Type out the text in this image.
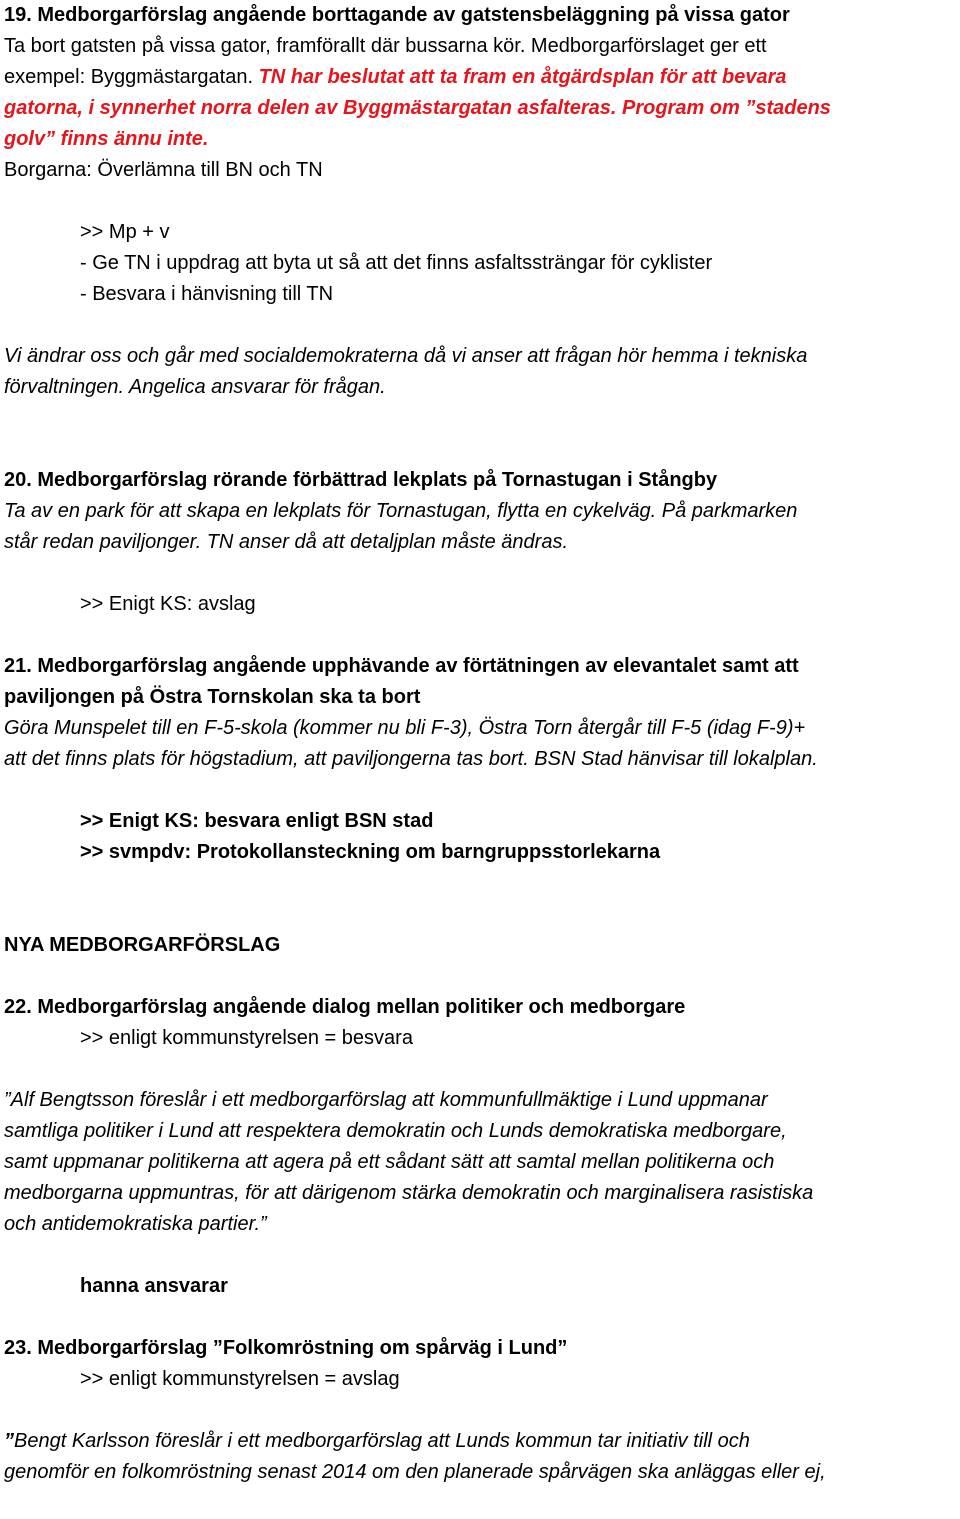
19. Medborgarförslag angående borttagande av gatstensbeläggning på vissa gator
Ta bort gatsten på vissa gator, framförallt där bussarna kör. Medborgarförslaget ger ett
exempel: Byggmästargatan. TN har beslutat att ta fram en åtgärdsplan för att bevara
gatorna, i synnerhet norra delen av Byggmästargatan asfalteras. Program om ”stadens
golv” finns ännu inte.
Borgarna: Överlämna till BN och TN
>> Mp + v
- Ge TN i uppdrag att byta ut så att det finns asfaltssträngar för cyklister
- Besvara i hänvisning till TN
Vi ändrar oss och går med socialdemokraterna då vi anser att frågan hör hemma i tekniska
förvaltningen. Angelica ansvarar för frågan.
20. Medborgarförslag rörande förbättrad lekplats på Tornastugan i Stångby
Ta av en park för att skapa en lekplats för Tornastugan, flytta en cykelväg. På parkmarken
står redan paviljonger. TN anser då att detaljplan måste ändras.
>> Enigt KS: avslag
21. Medborgarförslag angående upphävande av förtätningen av elevantalet samt att
paviljongen på Östra Tornskolan ska ta bort
Göra Munspelet till en F-5-skola (kommer nu bli F-3), Östra Torn återgår till F-5 (idag F-9)+
att det finns plats för högstadium, att paviljongerna tas bort. BSN Stad hänvisar till lokalplan.
>> Enigt KS: besvara enligt BSN stad
>> svmpdv: Protokollansteckning om barngruppsstorlekarna
NYA MEDBORGARFÖRSLAG
22. Medborgarförslag angående dialog mellan politiker och medborgare
>> enligt kommunstyrelsen = besvara
”Alf Bengtsson föreslår i ett medborgarförslag att kommunfullmäktige i Lund uppmanar
samtliga politiker i Lund att respektera demokratin och Lunds demokratiska medborgare,
samt uppmanar politikerna att agera på ett sådant sätt att samtal mellan politikerna och
medborgarna uppmuntras, för att därigenom stärka demokratin och marginalisera rasistiska
och antidemokratiska partier.”
hanna ansvarar
23. Medborgarförslag ”Folkomröstning om spårväg i Lund”
>> enligt kommunstyrelsen = avslag
”Bengt Karlsson föreslår i ett medborgarförslag att Lunds kommun tar initiativ till och
genomför en folkomröstning senast 2014 om den planerade spårvägen ska anläggas eller ej,
